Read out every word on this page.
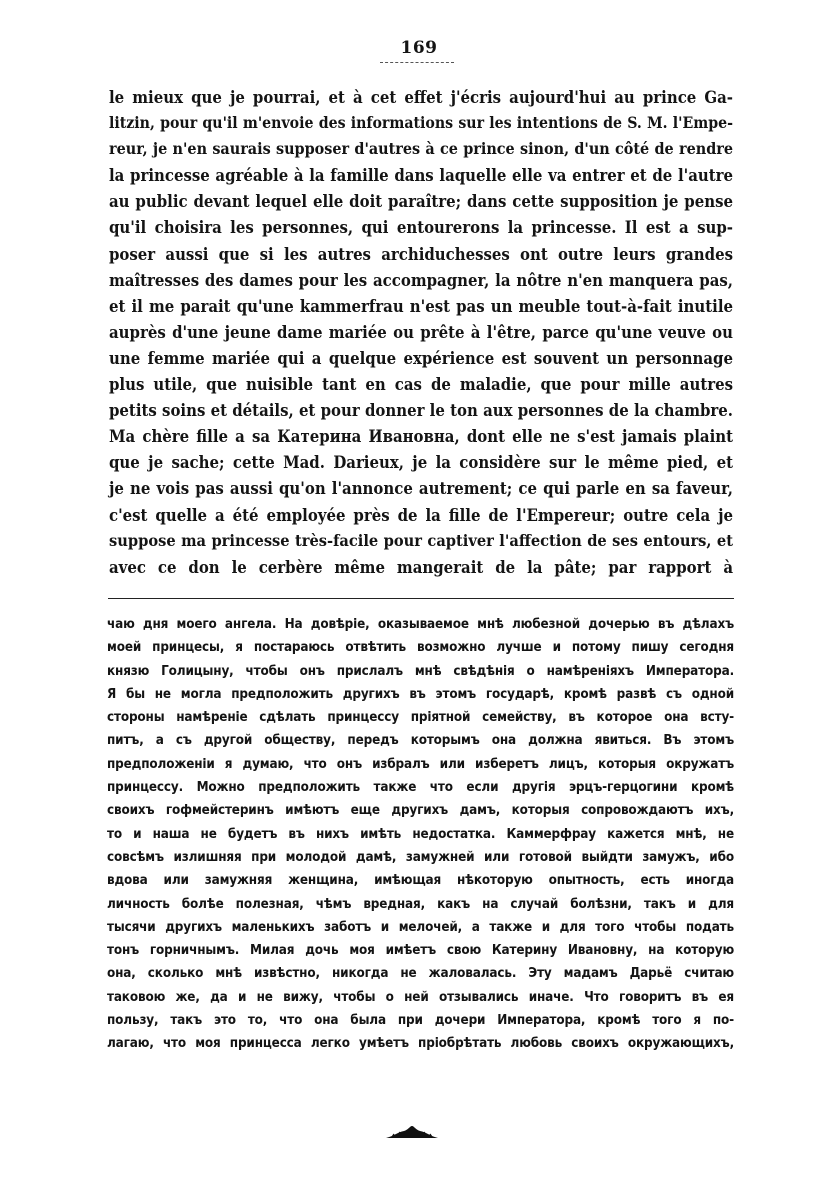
169
le mieux que je pourrai, et à cet effet j'écris aujourd'hui au prince Ga-
litzin, pour qu'il m'envoie des informations sur les intentions de S. M. l'Empe-
reur, je n'en saurais supposer d'autres à ce prince sinon, d'un côté de rendre
la princesse agréable à la famille dans laquelle elle va entrer et de l'autre
au public devant lequel elle doit paraître; dans cette supposition je pense
qu'il choisira les personnes, qui entourerons la princesse. Il est a sup-
poser aussi que si les autres archiduchesses ont outre leurs grandes
maîtresses des dames pour les accompagner, la nôtre n'en manquera pas,
et il me parait qu'une kammerfrau n'est pas un meuble tout-à-fait inutile
auprès d'une jeune dame mariée ou prête à l'être, parce qu'une veuve ou
une femme mariée qui a quelque expérience est souvent un personnage
plus utile, que nuisible tant en cas de maladie, que pour mille autres
petits soins et détails, et pour donner le ton aux personnes de la chambre.
Ma chère fille a sa Катерина Ивановна, dont elle ne s'est jamais plaint
que je sache; cette Mad. Darieux, je la considère sur le même pied, et
je ne vois pas aussi qu'on l'annonce autrement; ce qui parle en sa faveur,
c'est quelle a été employée près de la fille de l'Empereur; outre cela je
suppose ma princesse très-facile pour captiver l'affection de ses entours, et
avec ce don le cerbère même mangerait de la pâte; par rapport à
чаю дня моего ангела. На довѣріе, оказываемое мнѣ любезной дочерью въ дѣлахъ
моей принцесы, я постараюсь отвѣтить возможно лучше и потому пишу сегодня
князю Голицыну, чтобы онъ прислалъ мнѣ свѣдѣнія о намѣреніяхъ Императора.
Я бы не могла предположить другихъ въ этомъ государѣ, кромѣ развѣ съ одной
стороны намѣреніе сдѣлать принцессу пріятной семейству, въ которое она всту-
питъ, а съ другой обществу, передъ которымъ она должна явиться. Въ этомъ
предположеніи я думаю, что онъ избралъ или изберетъ лицъ, которыя окружатъ
принцессу. Можно предположить также что если другія эрцъ-герцогини кромѣ
своихъ гофмейстеринъ имѣютъ еще другихъ дамъ, которыя сопровождаютъ ихъ,
то и наша не будетъ въ нихъ имѣть недостатка. Каммерфрау кажется мнѣ, не
совсѣмъ излишняя при молодой дамѣ, замужней или готовой выйдти замужъ, ибо
вдова или замужняя женщина, имѣющая нѣкоторую опытность, есть иногда
личность болѣе полезная, чѣмъ вредная, какъ на случай болѣзни, такъ и для
тысячи другихъ маленькихъ заботъ и мелочей, а также и для того чтобы подать
тонъ горничнымъ. Милая дочь моя имѣетъ свою Катерину Ивановну, на которую
она, сколько мнѣ извѣстно, никогда не жаловалась. Эту мадамъ Дарьё считаю
таковою же, да и не вижу, чтобы о ней отзывались иначе. Что говоритъ въ ея
пользу, такъ это то, что она была при дочери Императора, кромѣ того я по-
лагаю, что моя принцесса легко умѣетъ пріобрѣтать любовь своихъ окружающихъ,
